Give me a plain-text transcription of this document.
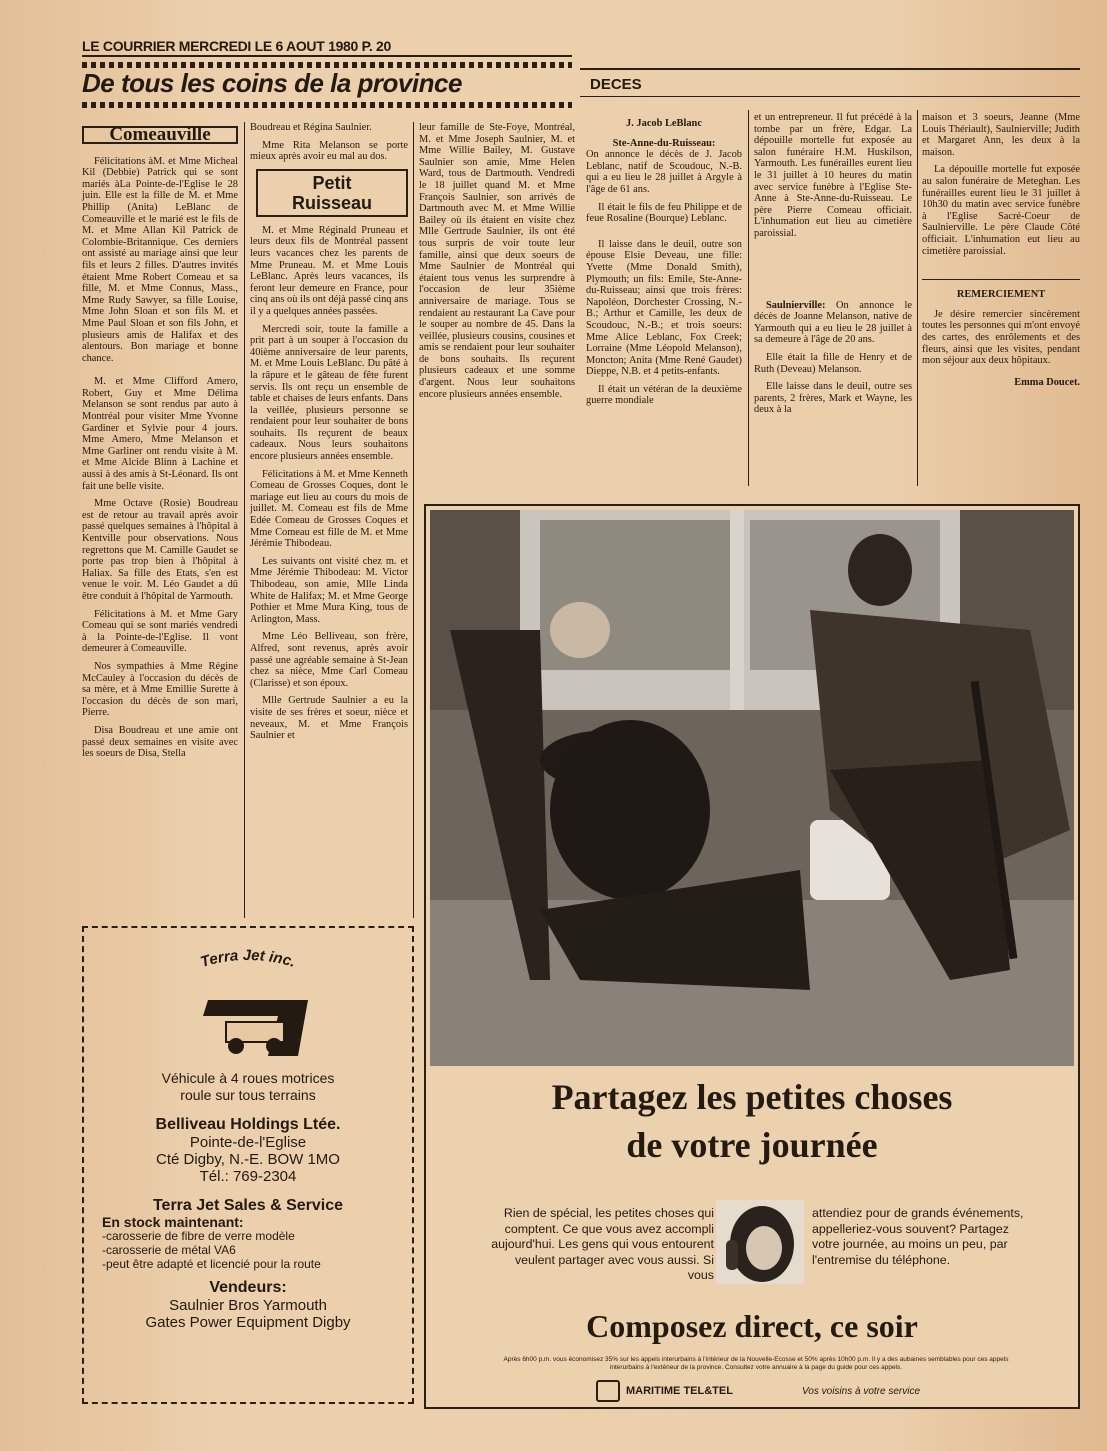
LE COURRIER MERCREDI LE 6 AOUT 1980 P. 20
De tous les coins de la province	DECES
Comeauville

Félicitations àM. et Mme Micheal Kil (Debbie) Patrick qui se sont mariés àLa Pointe-de-l'Eglise le 28 juin. Elle est la fille de M. et Mme Phillip (Anita) LeBlanc de Comeauville et le marié est le fils de M. et Mme Allan Kil Patrick de Colombie-Britannique. Ces derniers ont assisté au mariage ainsi que leur fils et leurs 2 filles. D'autres invités étaient Mme Robert Comeau et sa fille, M. et Mme Connus, Mass., Mme Rudy Sawyer, sa fille Louise, Mme John Sloan et son fils M. et Mme Paul Sloan et son fils John, et plusieurs amis de Halifax et des alentours. Bon mariage et bonne chance.

M. et Mme Clifford Amero, Robert, Guy et Mme Délima Melanson se sont rendus par auto à Montréal pour visiter Mme Yvonne Gardiner et Sylvie pour 4 jours. Mme Amero, Mme Melanson et Mme Garliner ont rendu visite à M. et Mme Alcide Blinn à Lachine et aussi à des amis à St-Léonard. Ils ont fait une belle visite.

Mme Octave (Rosie) Boudreau est de retour au travail après avoir passé quelques semaines à l'hôpital à Kentville pour observations. Nous regrettons que M. Camille Gaudet se porte pas trop bien à l'hôpital à Haliax. Sa fille des Etats, s'en est venue le voir. M. Léo Gaudet a dû être conduit à l'hôpital de Yarmouth.

Félicitations à M. et Mme Gary Comeau qui se sont mariés vendredi à la Pointe-de-l'Eglise. Il vont demeurer à Comeauville.

Nos sympathies à Mme Régine McCauley à l'occasion du décès de sa mère, et à Mme Emillie Surette à l'occasion du décès de son mari, Pierre.

Disa Boudreau et une amie ont passé deux semaines en visite avec les soeurs de Disa, Stella

Boudreau et Régina Saulnier.

Mme Rita Melanson se porte mieux après avoir eu mal au dos.

Petit
Ruisseau

M. et Mme Réginald Pruneau et leurs deux fils de Montréal passent leurs vacances chez les parents de Mme Pruneau. M. et Mme Louis LeBlanc. Après leurs vacances, ils feront leur demeure en France, pour cinq ans où ils ont déjà passé cinq ans il y a quelques années passées.

Mercredi soir, toute la famille a prit part à un souper à l'occasion du 40ième anniversaire de leur parents, M. et Mme Louis LeBlanc. Du pâté à la râpure et le gâteau de fête furent servis. Ils ont reçu un ensemble de table et chaises de leurs enfants. Dans la veillée, plusieurs personne se rendaient pour leur souhaiter de bons souhaits. Ils reçurent de beaux cadeaux. Nous leurs souhaitons encore plusieurs années ensemble.

Félicitations à M. et Mme Kenneth Comeau de Grosses Coques, dont le mariage eut lieu au cours du mois de juillet. M. Comeau est fils de Mme Edée Comeau de Grosses Coques et Mme Comeau est fille de M. et Mme Jérémie Thibodeau.

Les suivants ont visité chez m. et Mme Jérémie Thibodeau: M. Victor Thibodeau, son amie, Mlle Linda White de Halifax; M. et Mme George Pothier et Mme Mura King, tous de Arlington, Mass.

Mme Léo Belliveau, son frère, Alfred, sont revenus, après avoir passé une agréable semaine à St-Jean chez sa nièce, Mme Carl Comeau (Clarisse) et son époux.

Mlle Gertrude Saulnier a eu la visite de ses frères et soeur, nièce et neveaux, M. et Mme François Saulnier et

leur famille de Ste-Foye, Montréal, M. et Mme Joseph Saulnier, M. et Mme Willie Bailey, M. Gustave Saulnier son amie, Mme Helen Ward, tous de Dartmouth. Vendredi le 18 juillet quand M. et Mme François Saulnier, son arrivés de Dartmouth avec M. et Mme Willie Bailey où ils étaient en visite chez Mlle Gertrude Saulnier, ils ont été tous surpris de voir toute leur famille, ainsi que deux soeurs de Mme Saulnier de Montréal qui étaient tous venus les surprendre à l'occasion de leur 35ième anniversaire de mariage. Tous se rendaient au restaurant La Cave pour le souper au nombre de 45. Dans la veillée, plusieurs cousins, cousines et amis se rendaient pour leur souhaiter de bons souhaits. Ils reçurent plusieurs cadeaux et une somme d'argent. Nous leur souhaitons encore plusieurs années ensemble.

J. Jacob LeBlanc
Ste-Anne-du-Ruisseau:

On annonce le décès de J. Jacob Leblanc, natif de Scoudouc, N.-B. qui a eu lieu le 28 juillet à Argyle à l'âge de 61 ans.

Il était le fils de feu Philippe et de feue Rosaline (Bourque) Leblanc.

Il laisse dans le deuil, outre son épouse Elsie Deveau, une fille: Yvette (Mme Donald Smith), Plymouth; un fils: Emile, Ste-Anne-du-Ruisseau; ainsi que trois frères: Napoléon, Dorchester Crossing, N.-B.; Arthur et Camille, les deux de Scoudouc, N.-B.; et trois soeurs: Mme Alice Leblanc, Fox Creek; Lorraine (Mme Léopold Melanson), Moncton; Anita (Mme René Gaudet) Dieppe, N.B. et 4 petits-enfants.

Il était un vétéran de la deuxième guerre mondiale

et un entrepreneur. Il fut précédé à la tombe par un frère, Edgar. La dépouille mortelle fut exposée au salon funéraire H.M. Huskilson, Yarmouth. Les funérailles eurent lieu le 31 juillet à 10 heures du matin avec service funèbre à l'Eglise Ste-Anne à Ste-Anne-du-Ruisseau. Le père Pierre Comeau officiait. L'inhumation eut lieu au cimetière paroissial.

Saulnierville: On annonce le décès de Joanne Melanson, native de Yarmouth qui a eu lieu le 28 juillet à sa demeure à l'âge de 20 ans.

Elle était la fille de Henry et de Ruth (Deveau) Melanson.

Elle laisse dans le deuil, outre ses parents, 2 frères, Mark et Wayne, les deux à la

maison et 3 soeurs, Jeanne (Mme Louis Thériault), Saulnierville; Judith et Margaret Ann, les deux à la maison.

La dépouille mortelle fut exposée au salon funéraire de Meteghan. Les funérailles eurent lieu le 31 juillet à 10h30 du matin avec service funèbre à l'Eglise Sacré-Coeur de Saulnierville. Le père Claude Côté officiait. L'inhumation eut lieu au cimetière paroissial.

REMERCIEMENT

Je désire remercier sincèrement toutes les personnes qui m'ont envoyé des cartes, des enrôlements et des fleurs, ainsi que les visites, pendant mon séjour aux deux hôpitaux.

Emma Doucet.
Terra Jet inc.
Véhicule à 4 roues motrices
roule sur tous terrains
Belliveau Holdings Ltée.
Pointe-de-l'Eglise
Cté Digby, N.-E. BOW 1MO
Tél.: 769-2304
Terra Jet Sales & Service
En stock maintenant:
-carosserie de fibre de verre modèle
-carosserie de métal VA6
-peut être adapté et licencié pour la route
Vendeurs:
Saulnier Bros Yarmouth
Gates Power Equipment Digby
Partagez les petites choses
de votre journée
Rien de spécial, les petites choses qui comptent. Ce que vous avez accompli aujourd'hui. Les gens qui vous entourent veulent partager avec vous aussi. Si vous
attendiez pour de grands événements, appelleriez-vous souvent? Partagez votre journée, au moins un peu, par l'entremise du téléphone.
Composez direct, ce soir
Après 6h00 p.m. vous économisez 35% sur les appels interurbains à l'intérieur de la Nouvelle-Ecosse et 50% après 10h00 p.m. Il y a des aubaines semblables pour ces appels interurbains à l'extérieur de la province. Consultez votre annuaire à la page du guide pour ces appels.
MARITIME TEL&TEL	Vos voisins à votre service
